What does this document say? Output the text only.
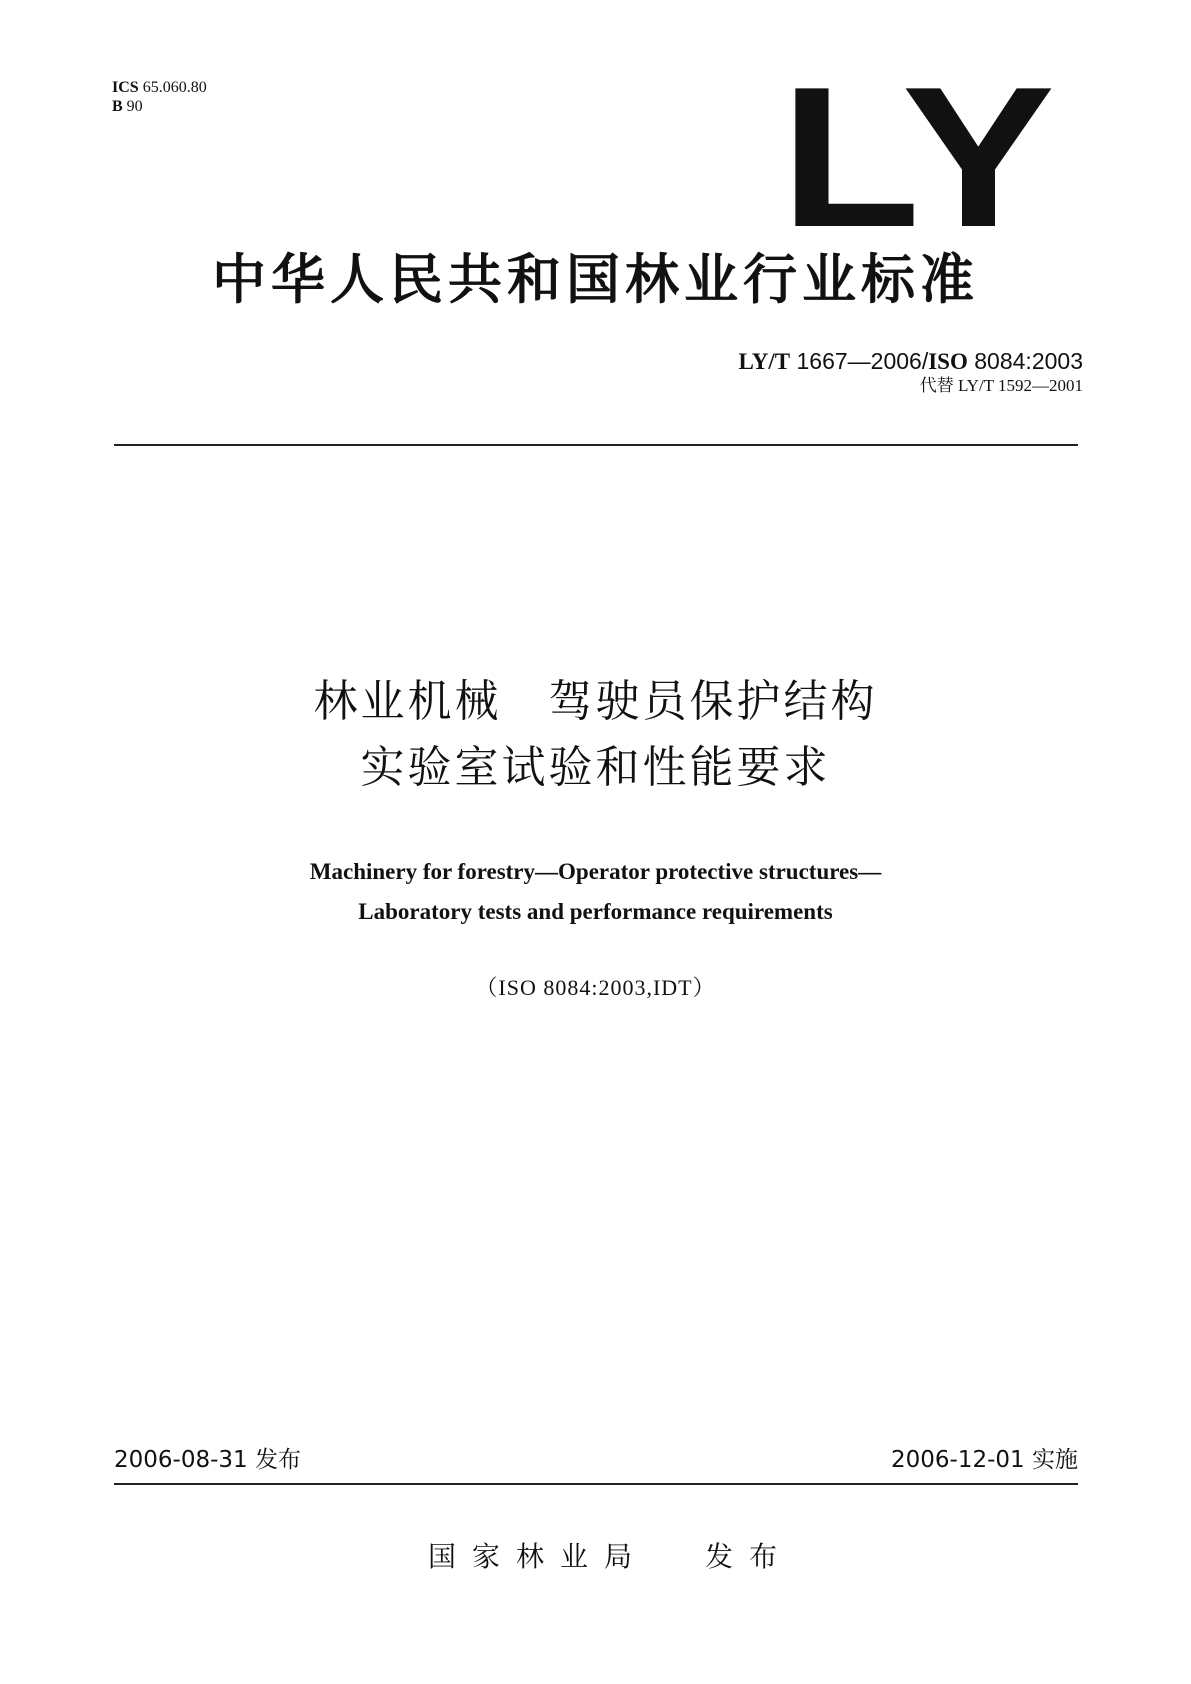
ICS 65.060.80
B 90	LY
中华人民共和国林业行业标准
LY/T 1667—2006/ISO 8084:2003
代替 LY/T 1592—2001
林业机械　驾驶员保护结构
实验室试验和性能要求
Machinery for forestry—Operator protective structures—
Laboratory tests and performance requirements
（ISO 8084:2003,IDT）
2006-08-31 发布	2006-12-01 实施
国家林业局 发布
